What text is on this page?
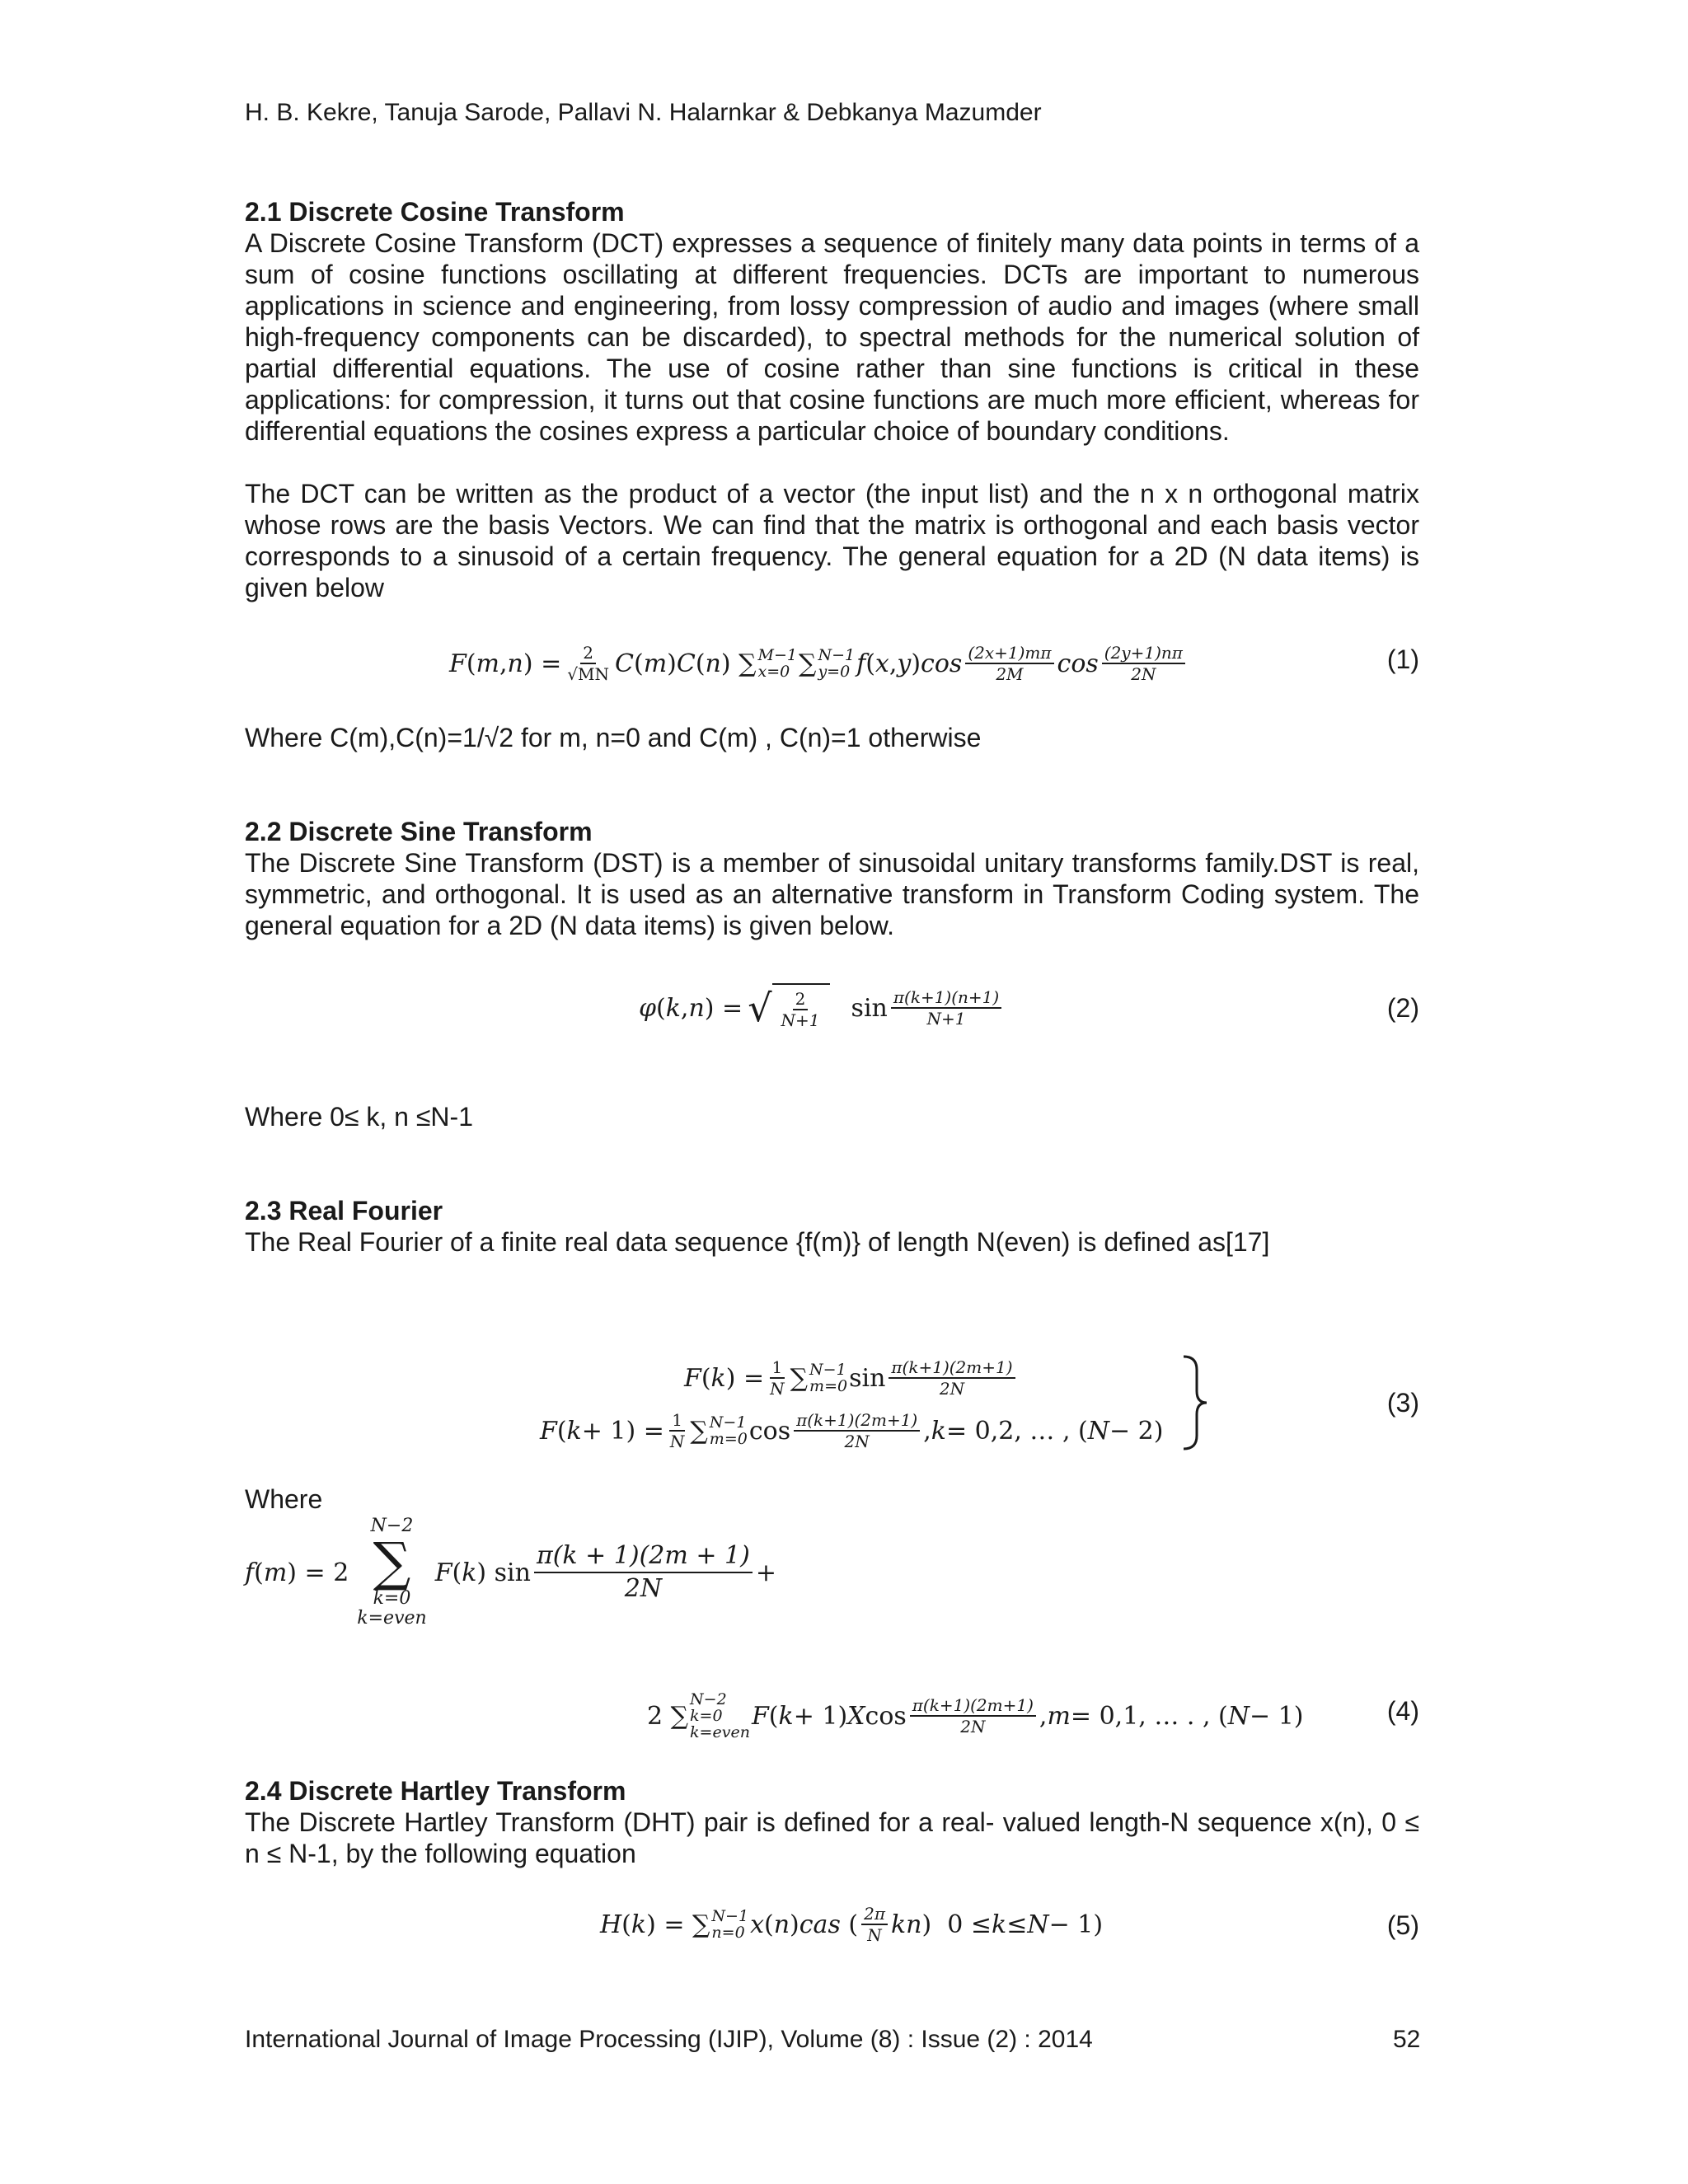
H. B. Kekre, Tanuja Sarode, Pallavi N. Halarnkar & Debkanya Mazumder
2.1 Discrete Cosine Transform
A Discrete Cosine Transform (DCT) expresses a sequence of finitely many data points in terms of a sum of cosine functions oscillating at different frequencies. DCTs are important to numerous applications in science and engineering, from lossy compression of audio and images (where small high-frequency components can be discarded), to spectral methods for the numerical solution of partial differential equations. The use of cosine rather than sine functions is critical in these applications: for compression, it turns out that cosine functions are much more efficient, whereas for differential equations the cosines express a particular choice of boundary conditions.
The DCT can be written as the product of a vector (the input list) and the n x n orthogonal matrix whose rows are the basis Vectors. We can find that the matrix is orthogonal and each basis vector corresponds to a sinusoid of a certain frequency. The general equation for a 2D (N data items) is given below
F ( m , n ) = $\frac{2}{√MN}$ C ( m ) C ( n ) ∑ M−1
x=0 ∑ N−1
y=0 f ( x , y ) $\cos \frac{(2x+1)m\pi}{2M}$ $\cos \frac{(2y+1)n\pi}{2N}$	(1)
Where C(m),C(n)=1/√2 for m, n=0 and C(m) , C(n)=1 otherwise
2.2 Discrete Sine Transform
The Discrete Sine Transform (DST) is a member of sinusoidal unitary transforms family.DST is real, symmetric, and orthogonal. It is used as an alternative transform in Transform Coding system. The general equation for a 2D (N data items) is given below.
φ ( k , n ) = √ $\frac{2}{N+1}$ $\sin \frac{\pi(k+1)(n+1)}{N+1}$	(2)
Where 0≤ k, n ≤N-1
2.3 Real Fourier
The Real Fourier of a finite real data sequence {f(m)} of length N(even) is defined as[17]
F ( k ) = $\frac{1}{N}$ ∑ N−1
m=0 $\sin \frac{\pi(k+1)(2m+1)}{2N}$
F ( $k + 1) = \frac{1}{N}$ ∑ N−1
m=0 $\cos \frac{\pi(k+1)(2m+1)}{2N}$ , k = 0,2, … , ( N − 2)
(3)
Where
f ( m ) = 2
N−2
∑
k=0
k=even
F ( k ) $\sin \frac{\pi(k + 1)(2m + 1)}{2N}$ +
2 ∑
N−2
k=0
k=even
F ( k + 1) X $\cos \frac{\pi(k+1)(2m+1)}{2N}$ , m = 0,1, … . , ( N − 1)	(4)
2.4 Discrete Hartley Transform
The Discrete Hartley Transform (DHT) pair is defined for a real- valued length-N sequence x(n), 0 ≤ n ≤ N-1, by the following equation
H ( k ) = ∑ N−1
n=0 x ( n ) cas ( $\frac{2\pi}{N}$ kn ) 0 ≤ k ≤ N − 1)	(5)
International Journal of Image Processing (IJIP), Volume (8) : Issue (2) : 2014	52
